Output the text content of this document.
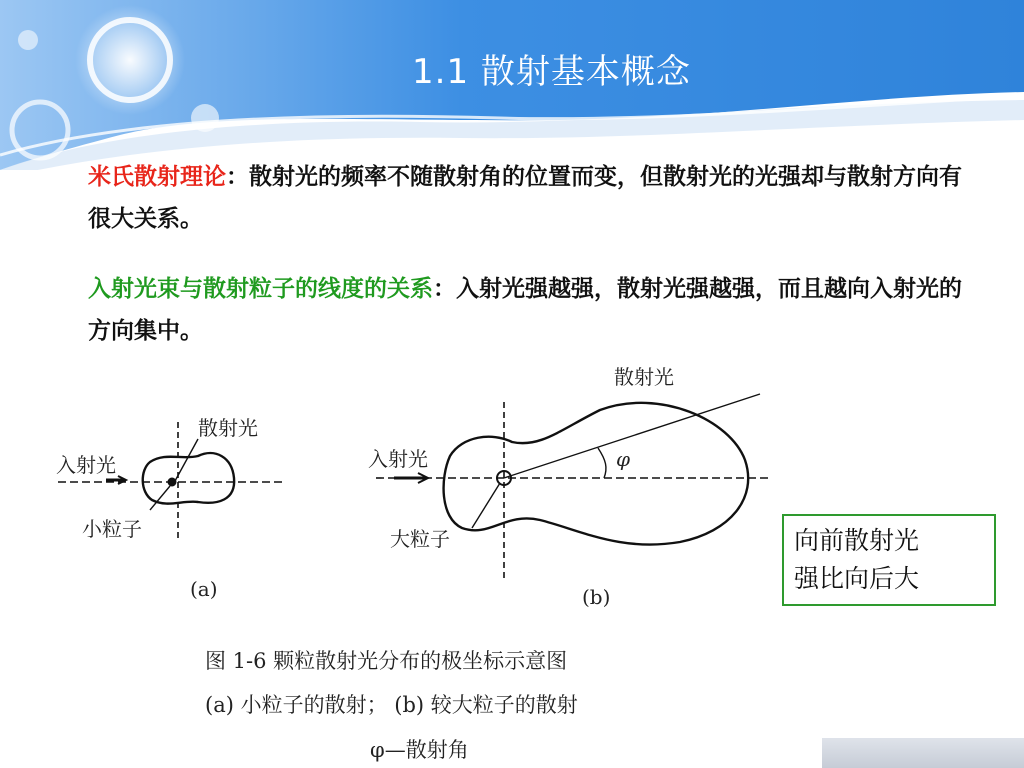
1.1 散射基本概念
米氏散射理论：散射光的频率不随散射角的位置而变，但散射光的光强却与散射方向有很大关系。
入射光束与散射粒子的线度的关系：入射光强越强，散射光强越强，而且越向入射光的方向集中。
散射光
入射光
小粒子
(a)
散射光
入射光
大粒子
φ
(b)
图 1-6 颗粒散射光分布的极坐标示意图
(a) 小粒子的散射； (b) 较大粒子的散射
φ—散射角
向前散射光
强比向后大
